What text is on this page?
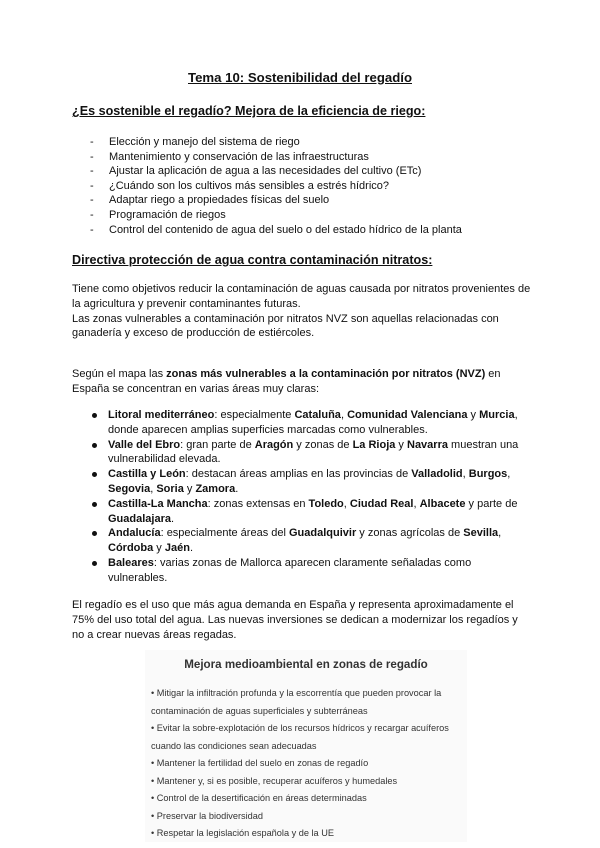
Tema 10: Sostenibilidad del regadío
¿Es sostenible el regadío? Mejora de la eficiencia de riego:
- Elección y manejo del sistema de riego
- Mantenimiento y conservación de las infraestructuras
- Ajustar la aplicación de agua a las necesidades del cultivo (ETc)
- ¿Cuándo son los cultivos más sensibles a estrés hídrico?
- Adaptar riego a propiedades físicas del suelo
- Programación de riegos
- Control del contenido de agua del suelo o del estado hídrico de la planta
Directiva protección de agua contra contaminación nitratos:

Tiene como objetivos reducir la contaminación de aguas causada por nitratos provenientes de la agricultura y prevenir contaminantes futuras.

Las zonas vulnerables a contaminación por nitratos NVZ son aquellas relacionadas con ganadería y exceso de producción de estiércoles.

Según el mapa las zonas más vulnerables a la contaminación por nitratos (NVZ) en España se concentran en varias áreas muy claras:

Litoral mediterráneo: especialmente Cataluña, Comunidad Valenciana y Murcia, donde aparecen amplias superficies marcadas como vulnerables.
Valle del Ebro: gran parte de Aragón y zonas de La Rioja y Navarra muestran una vulnerabilidad elevada.
Castilla y León: destacan áreas amplias en las provincias de Valladolid, Burgos, Segovia, Soria y Zamora.
Castilla-La Mancha: zonas extensas en Toledo, Ciudad Real, Albacete y parte de Guadalajara.
Andalucía: especialmente áreas del Guadalquivir y zonas agrícolas de Sevilla, Córdoba y Jaén.
Baleares: varias zonas de Mallorca aparecen claramente señaladas como vulnerables.

El regadío es el uso que más agua demanda en España y representa aproximadamente el 75% del uso total del agua. Las nuevas inversiones se dedican a modernizar los regadíos y no a crear nuevas áreas regadas.

Mejora medioambiental en zonas de regadío
• Mitigar la infiltración profunda y la escorrentía que pueden provocar la
contaminación de aguas superficiales y subterráneas
• Evitar la sobre-explotación de los recursos hídricos y recargar acuíferos
cuando las condiciones sean adecuadas
• Mantener la fertilidad del suelo en zonas de regadío
• Mantener y, si es posible, recuperar acuíferos y humedales
• Control de la desertificación en áreas determinadas
• Preservar la biodiversidad
• Respetar la legislación española y de la UE
